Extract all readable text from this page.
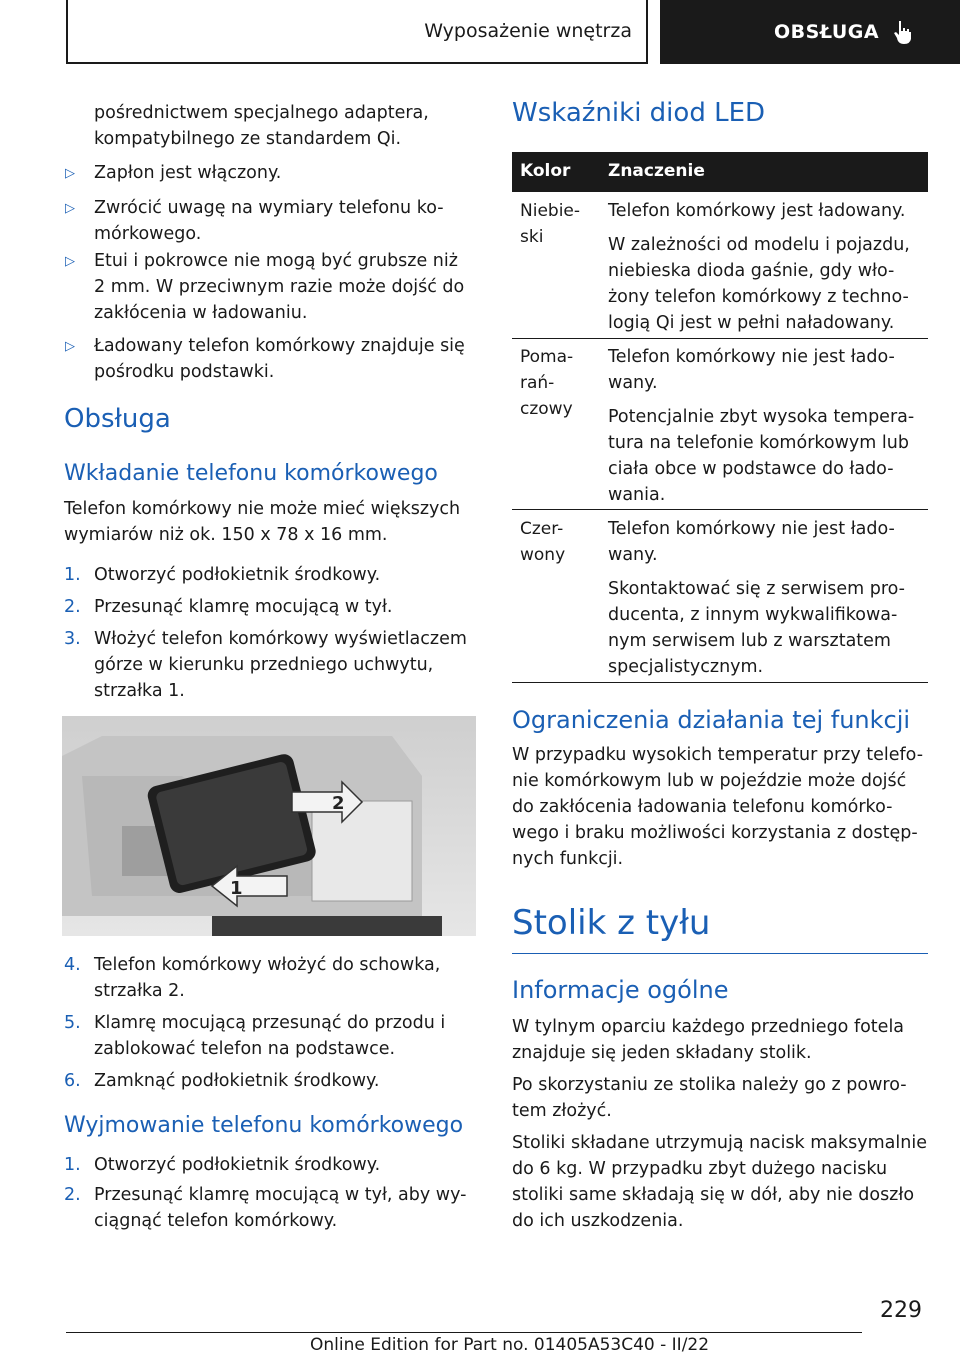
Wyposażenie wnętrza	OBSŁUGA
pośrednictwem specjalnego adaptera,
kompatybilnego ze standardem Qi.
▷ Zapłon jest włączony.
▷ Zwrócić uwagę na wymiary telefonu ko-
mórkowego.
▷ Etui i pokrowce nie mogą być grubsze niż
2 mm. W przeciwnym razie może dojść do
zakłócenia w ładowaniu.
▷ Ładowany telefon komórkowy znajduje się
pośrodku podstawki.
Obsługa
Wkładanie telefonu komórkowego
Telefon komórkowy nie może mieć większych
wymiarów niż ok. 150 x 78 x 16 mm.
1. Otworzyć podłokietnik środkowy.
2. Przesunąć klamrę mocującą w tył.
3. Włożyć telefon komórkowy wyświetlaczem
górze w kierunku przedniego uchwytu,
strzałka 1.
2
1
4. Telefon komórkowy włożyć do schowka,
strzałka 2.
5. Klamrę mocującą przesunąć do przodu i
zablokować telefon na podstawce.
6. Zamknąć podłokietnik środkowy.
Wyjmowanie telefonu komórkowego
1. Otworzyć podłokietnik środkowy.
2. Przesunąć klamrę mocującą w tył, aby wy-
ciągnąć telefon komórkowy.
Wskaźniki diod LED
Kolor Znaczenie
Niebie-
ski
Telefon komórkowy jest ładowany.
W zależności od modelu i pojazdu,
niebieska dioda gaśnie, gdy wło-
żony telefon komórkowy z techno-
logią Qi jest w pełni naładowany.
Poma-
rań-
czowy
Telefon komórkowy nie jest łado-
wany.
Potencjalnie zbyt wysoka tempera-
tura na telefonie komórkowym lub
ciała obce w podstawce do łado-
wania.
Czer-
wony
Telefon komórkowy nie jest łado-
wany.
Skontaktować się z serwisem pro-
ducenta, z innym wykwalifikowa-
nym serwisem lub z warsztatem
specjalistycznym.
Ograniczenia działania tej funkcji
W przypadku wysokich temperatur przy telefo-
nie komórkowym lub w pojeździe może dojść
do zakłócenia ładowania telefonu komórko-
wego i braku możliwości korzystania z dostęp-
nych funkcji.
Stolik z tyłu
Informacje ogólne
W tylnym oparciu każdego przedniego fotela
znajduje się jeden składany stolik.
Po skorzystaniu ze stolika należy go z powro-
tem złożyć.
Stoliki składane utrzymują nacisk maksymalnie
do 6 kg. W przypadku zbyt dużego nacisku
stoliki same składają się w dół, aby nie doszło
do ich uszkodzenia.
229
Online Edition for Part no. 01405A53C40 - II/22
